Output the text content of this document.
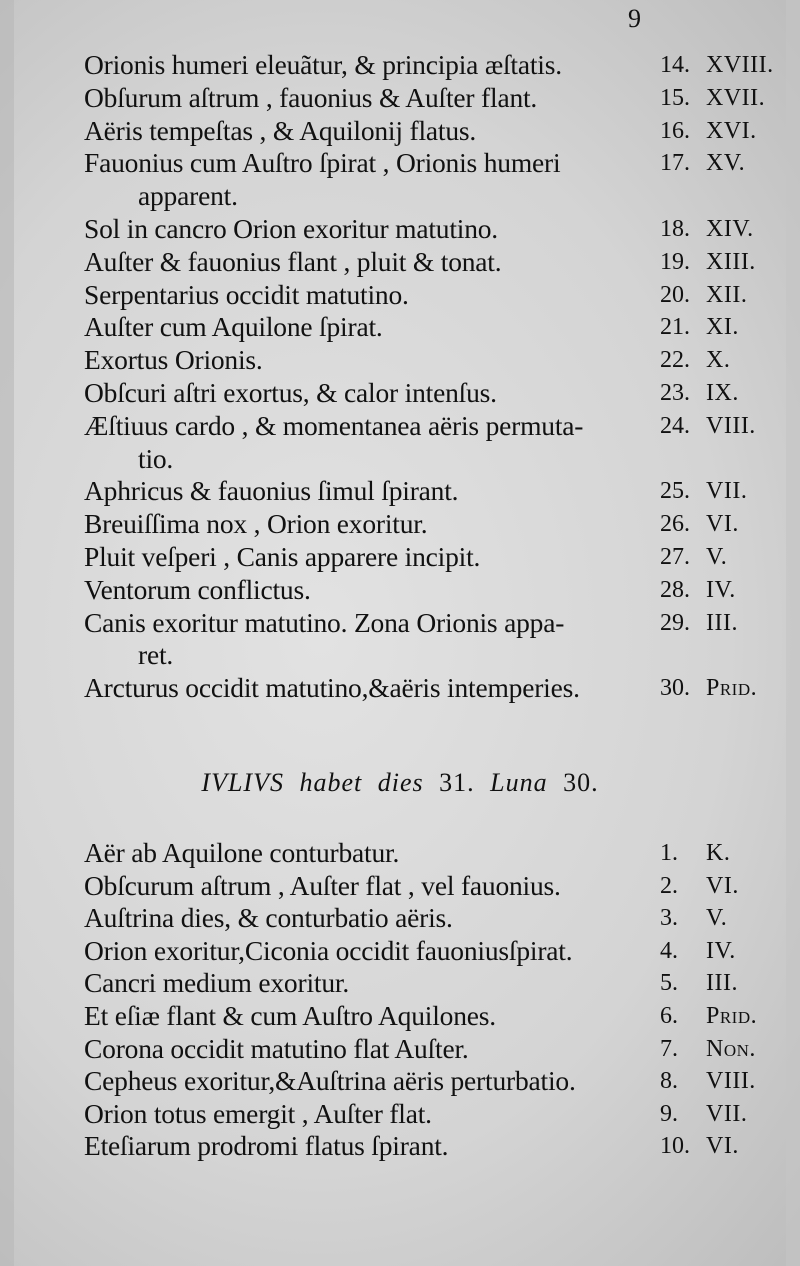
9
Orionis humeri eleuãtur, & principia æſtatis.	14. XVIII.
Obſurum aſtrum , fauonius & Auſter flant.	15. XVII.
Aëris tempeſtas , & Aquilonij flatus.	16. XVI.
Fauonius cum Auſtro ſpirat , Orionis humeri	17. XV.
apparent.
Sol in cancro Orion exoritur matutino.	18. XIV.
Auſter & fauonius flant , pluit & tonat.	19. XIII.
Serpentarius occidit matutino.	20. XII.
Auſter cum Aquilone ſpirat.	21. XI.
Exortus Orionis.	22. X.
Obſcuri aſtri exortus, & calor intenſus.	23. IX.
Æſtiuus cardo , & momentanea aëris permuta-	24. VIII.
tio.
Aphricus & fauonius ſimul ſpirant.	25. VII.
Breuiſſima nox , Orion exoritur.	26. VI.
Pluit veſperi , Canis apparere incipit.	27. V.
Ventorum conflictus.	28. IV.
Canis exoritur matutino. Zona Orionis appa-	29. III.
ret.
Arcturus occidit matutino,&aëris intemperies.	30. Prid.
IVLIVS habet dies 31. Luna 30.
Aër ab Aquilone conturbatur.	1. K.
Obſcurum aſtrum , Auſter flat , vel fauonius.	2. VI.
Auſtrina dies, & conturbatio aëris.	3. V.
Orion exoritur,Ciconia occidit fauoniusſpirat.	4. IV.
Cancri medium exoritur.	5. III.
Et eſiæ flant & cum Auſtro Aquilones.	6. Prid.
Corona occidit matutino flat Auſter.	7. Non.
Cepheus exoritur,&Auſtrina aëris perturbatio.	8. VIII.
Orion totus emergit , Auſter flat.	9. VII.
Eteſiarum prodromi flatus ſpirant.	10. VI.
